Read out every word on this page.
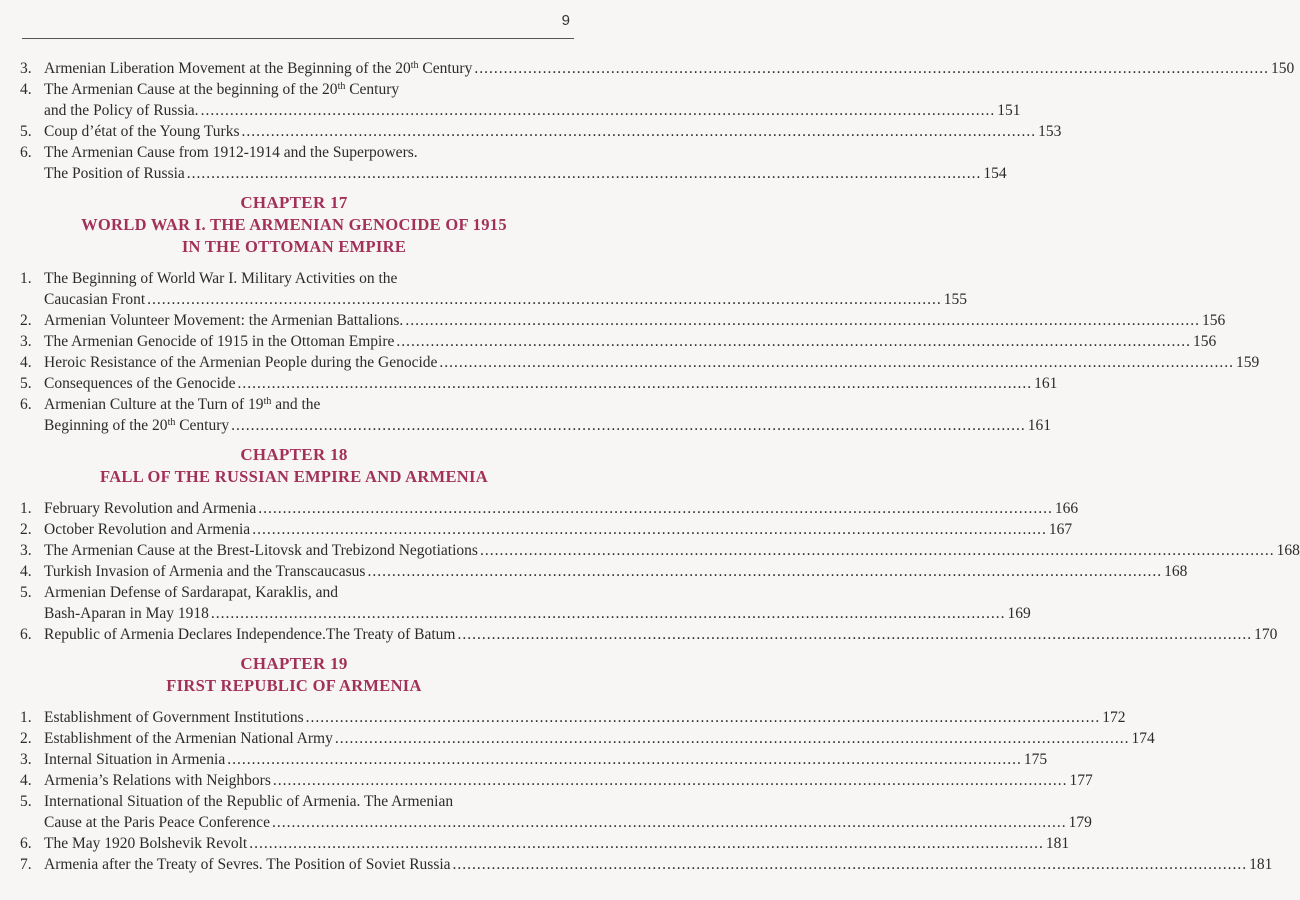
9
3. Armenian Liberation Movement at the Beginning of the 20th Century .....	150
4. The Armenian Cause at the beginning of the 20th Century
and the Policy of Russia. .....	151
5. Coup d’état of the Young Turks .....	153
6. The Armenian Cause from 1912-1914 and the Superpowers.
The Position of Russia .....	154
CHAPTER 17
WORLD WAR I. THE ARMENIAN GENOCIDE OF 1915
IN THE OTTOMAN EMPIRE
1. The Beginning of World War I. Military Activities on the
Caucasian Front .....	155
2. Armenian Volunteer Movement: the Armenian Battalions. .....	156
3. The Armenian Genocide of 1915 in the Ottoman Empire .....	156
4. Heroic Resistance of the Armenian People during the Genocide .....	159
5. Consequences of the Genocide .....	161
6. Armenian Culture at the Turn of 19th and the
Beginning of the 20th Century .....	161
CHAPTER 18
FALL OF THE RUSSIAN EMPIRE AND ARMENIA
1. February Revolution and Armenia .....	166
2. October Revolution and Armenia .....	167
3. The Armenian Cause at the Brest-Litovsk and Trebizond Negotiations .....	168
4. Turkish Invasion of Armenia and the Transcaucasus .....	168
5. Armenian Defense of Sardarapat, Karaklis, and
Bash-Aparan in May 1918 .....	169
6. Republic of Armenia Declares Independence.The Treaty of Batum .....	170
CHAPTER 19
FIRST REPUBLIC OF ARMENIA
1. Establishment of Government Institutions .....	172
2. Establishment of the Armenian National Army .....	174
3. Internal Situation in Armenia .....	175
4. Armenia’s Relations with Neighbors .....	177
5. International Situation of the Republic of Armenia. The Armenian
Cause at the Paris Peace Conference .....	179
6. The May 1920 Bolshevik Revolt .....	181
7. Armenia after the Treaty of Sevres. The Position of Soviet Russia .....	181
